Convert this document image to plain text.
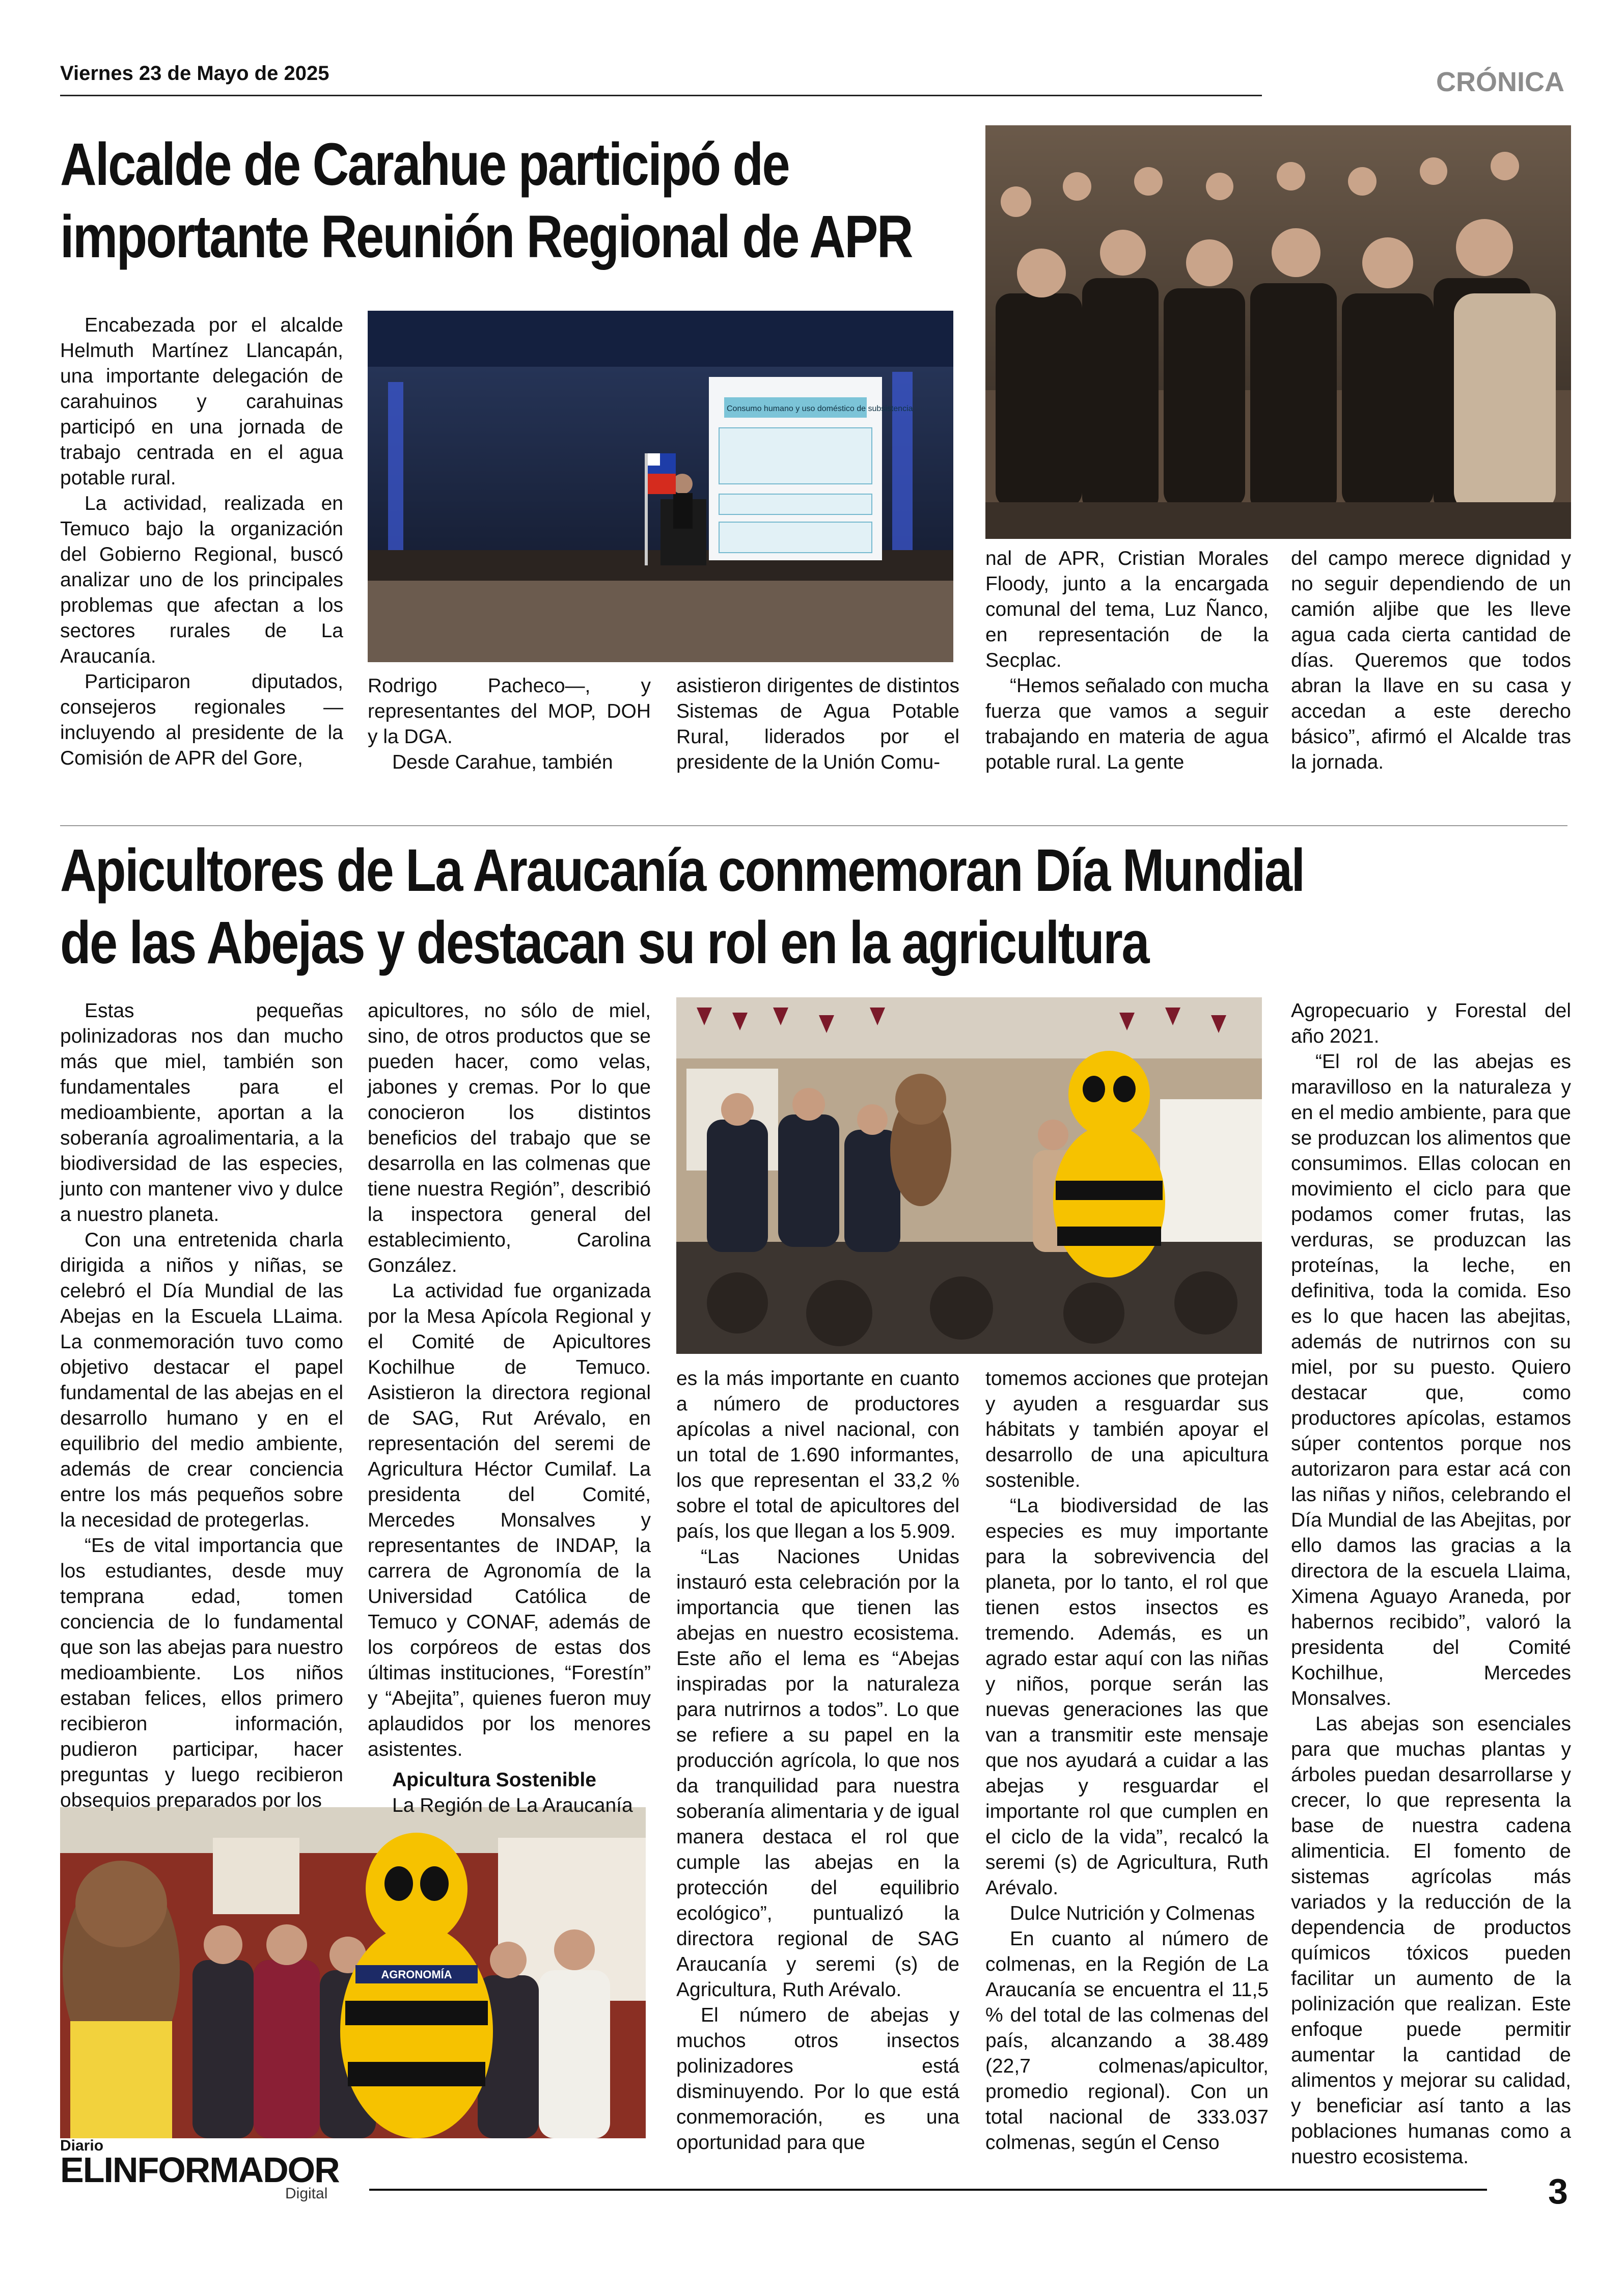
Viernes 23 de Mayo de 2025	CRÓNICA
Alcalde de Carahue participó de
importante Reunión Regional de APR
Consumo humano y uso doméstico de subsistencia

Encabezada por el alcalde Helmuth Martínez Llancapán, una importante delegación de carahuinos y carahuinas participó en una jornada de trabajo centrada en el agua potable rural.

La actividad, realizada en Temuco bajo la organización del Gobierno Regional, buscó analizar uno de los principales problemas que afectan a los sectores rurales de La Araucanía.

Participaron diputados, consejeros regionales —incluyendo al presidente de la Comisión de APR del Gore,

Rodrigo Pacheco—, y representantes del MOP, DOH y la DGA.

Desde Carahue, también

asistieron dirigentes de distintos Sistemas de Agua Potable Rural, liderados por el presidente de la Unión Comu-

nal de APR, Cristian Morales Floody, junto a la encargada comunal del tema, Luz Ñanco, en representación de la Secplac.

“Hemos señalado con mucha fuerza que vamos a seguir trabajando en materia de agua potable rural. La gente

del campo merece dignidad y no seguir dependiendo de un camión aljibe que les lleve agua cada cierta cantidad de días. Queremos que todos abran la llave en su casa y accedan a este derecho básico”, afirmó el Alcalde tras la jornada.

Apicultores de La Araucanía conmemoran Día Mundial
de las Abejas y destacan su rol en la agricultura
AGRONOMÍA

Estas pequeñas polinizadoras nos dan mucho más que miel, también son fundamentales para el medioambiente, aportan a la soberanía agroalimentaria, a la biodiversidad de las especies, junto con mantener vivo y dulce a nuestro planeta.

Con una entretenida charla dirigida a niños y niñas, se celebró el Día Mundial de las Abejas en la Escuela LLaima. La conmemoración tuvo como objetivo destacar el papel fundamental de las abejas en el desarrollo humano y en el equilibrio del medio ambiente, además de crear conciencia entre los más pequeños sobre la necesidad de protegerlas.

“Es de vital importancia que los estudiantes, desde muy temprana edad, tomen conciencia de lo fundamental que son las abejas para nuestro medioambiente. Los niños estaban felices, ellos primero recibieron información, pudieron participar, hacer preguntas y luego recibieron obsequios preparados por los

apicultores, no sólo de miel, sino, de otros productos que se pueden hacer, como velas, jabones y cremas. Por lo que conocieron los distintos beneficios del trabajo que se desarrolla en las colmenas que tiene nuestra Región”, describió la inspectora general del establecimiento, Carolina González.

La actividad fue organizada por la Mesa Apícola Regional y el Comité de Apicultores Kochilhue de Temuco. Asistieron la directora regional de SAG, Rut Arévalo, en representación del seremi de Agricultura Héctor Cumilaf. La presidenta del Comité, Mercedes Monsalves y representantes de INDAP, la carrera de Agronomía de la Universidad Católica de Temuco y CONAF, además de los corpóreos de estas dos últimas instituciones, “Forestín” y “Abejita”, quienes fueron muy aplaudidos por los menores asistentes.

Apicultura Sostenible

La Región de La Araucanía

es la más importante en cuanto a número de productores apícolas a nivel nacional, con un total de 1.690 informantes, los que representan el 33,2 % sobre el total de apicultores del país, los que llegan a los 5.909.

“Las Naciones Unidas instauró esta celebración por la importancia que tienen las abejas en nuestro ecosistema. Este año el lema es “Abejas inspiradas por la naturaleza para nutrirnos a todos”. Lo que se refiere a su papel en la producción agrícola, lo que nos da tranquilidad para nuestra soberanía alimentaria y de igual manera destaca el rol que cumple las abejas en la protección del equilibrio ecológico”, puntualizó la directora regional de SAG Araucanía y seremi (s) de Agricultura, Ruth Arévalo.

El número de abejas y muchos otros insectos polinizadores está disminuyendo. Por lo que está conmemoración, es una oportunidad para que

tomemos acciones que protejan y ayuden a resguardar sus hábitats y también apoyar el desarrollo de una apicultura sostenible.

“La biodiversidad de las especies es muy importante para la sobrevivencia del planeta, por lo tanto, el rol que tienen estos insectos es tremendo. Además, es un agrado estar aquí con las niñas y niños, porque serán las nuevas generaciones las que van a transmitir este mensaje que nos ayudará a cuidar a las abejas y resguardar el importante rol que cumplen en el ciclo de la vida”, recalcó la seremi (s) de Agricultura, Ruth Arévalo.

Dulce Nutrición y Colmenas

En cuanto al número de colmenas, en la Región de La Araucanía se encuentra el 11,5 % del total de las colmenas del país, alcanzando a 38.489 (22,7 colmenas/apicultor, promedio regional). Con un total nacional de 333.037 colmenas, según el Censo

Agropecuario y Forestal del año 2021.

“El rol de las abejas es maravilloso en la naturaleza y en el medio ambiente, para que se produzcan los alimentos que consumimos. Ellas colocan en movimiento el ciclo para que podamos comer frutas, las verduras, se produzcan las proteínas, la leche, en definitiva, toda la comida. Eso es lo que hacen las abejitas, además de nutrirnos con su miel, por su puesto. Quiero destacar que, como productores apícolas, estamos súper contentos porque nos autorizaron para estar acá con las niñas y niños, celebrando el Día Mundial de las Abejitas, por ello damos las gracias a la directora de la escuela Llaima, Ximena Aguayo Araneda, por habernos recibido”, valoró la presidenta del Comité Kochilhue, Mercedes Monsalves.

Las abejas son esenciales para que muchas plantas y árboles puedan desarrollarse y crecer, lo que representa la base de nuestra cadena alimenticia. El fomento de sistemas agrícolas más variados y la reducción de la dependencia de productos químicos tóxicos pueden facilitar un aumento de la polinización que realizan. Este enfoque puede permitir aumentar la cantidad de alimentos y mejorar su calidad, y beneficiar así tanto a las poblaciones humanas como a nuestro ecosistema.

Diario
ELINFORMADOR
Digital	3
